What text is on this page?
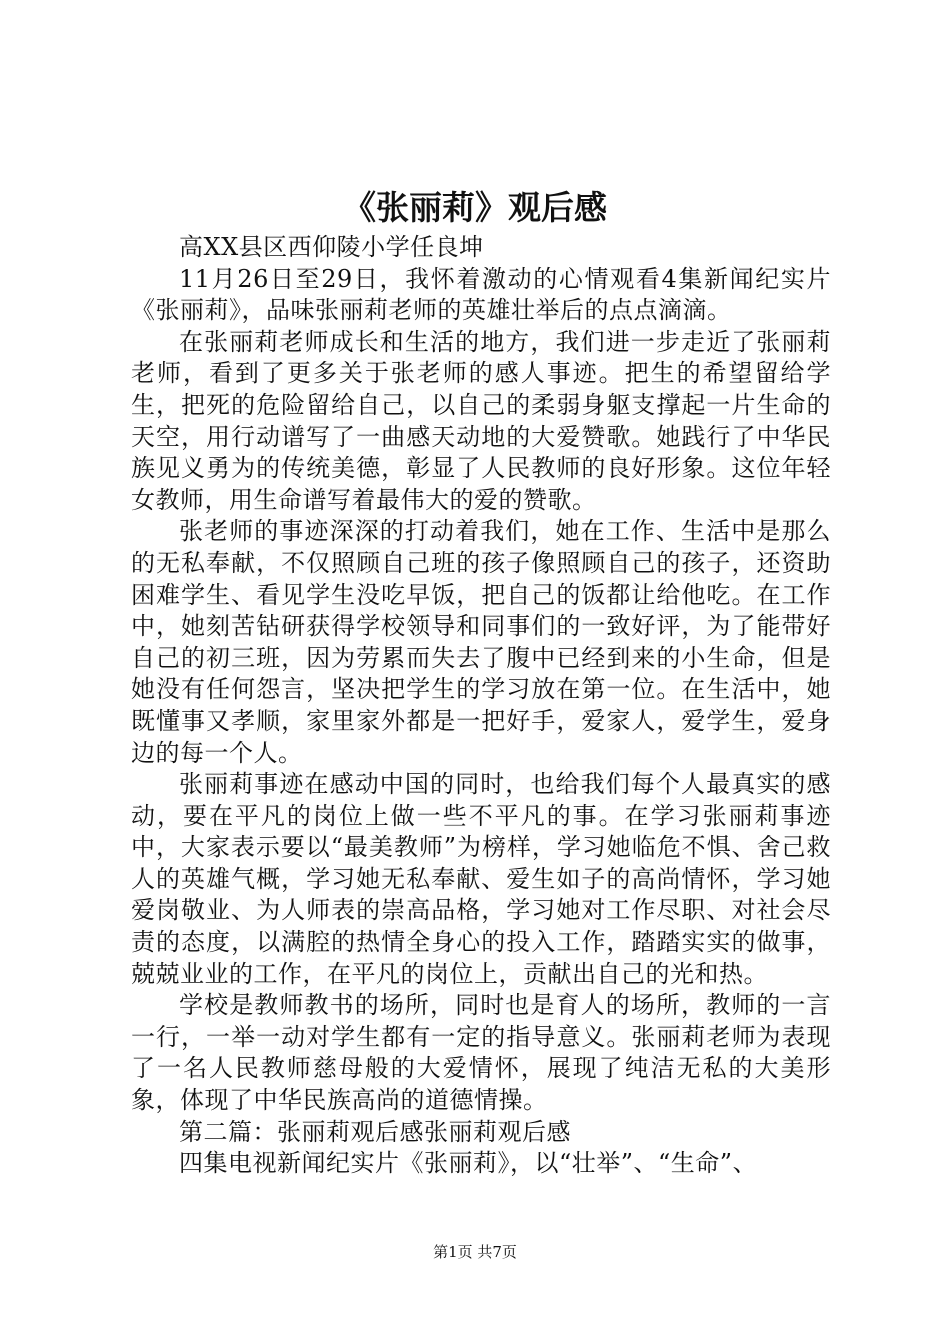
《张丽莉》观后感

高XX县区西仰陵小学任良坤

11月26日至29日，我怀着激动的心情观看4集新闻纪实片《张丽莉》，品味张丽莉老师的英雄壮举后的点点滴滴。

在张丽莉老师成长和生活的地方，我们进一步走近了张丽莉老师，看到了更多关于张老师的感人事迹。把生的希望留给学生，把死的危险留给自己，以自己的柔弱身躯支撑起一片生命的天空，用行动谱写了一曲感天动地的大爱赞歌。她践行了中华民族见义勇为的传统美德，彰显了人民教师的良好形象。这位年轻女教师，用生命谱写着最伟大的爱的赞歌。

张老师的事迹深深的打动着我们，她在工作、生活中是那么的无私奉献，不仅照顾自己班的孩子像照顾自己的孩子，还资助困难学生、看见学生没吃早饭，把自己的饭都让给他吃。在工作中，她刻苦钻研获得学校领导和同事们的一致好评，为了能带好自己的初三班，因为劳累而失去了腹中已经到来的小生命，但是她没有任何怨言，坚决把学生的学习放在第一位。在生活中，她既懂事又孝顺，家里家外都是一把好手，爱家人，爱学生，爱身边的每一个人。

张丽莉事迹在感动中国的同时，也给我们每个人最真实的感动，要在平凡的岗位上做一些不平凡的事。在学习张丽莉事迹中，大家表示要以“最美教师”为榜样，学习她临危不惧、舍己救人的英雄气概，学习她无私奉献、爱生如子的高尚情怀，学习她爱岗敬业、为人师表的崇高品格，学习她对工作尽职、对社会尽责的态度，以满腔的热情全身心的投入工作，踏踏实实的做事，兢兢业业的工作，在平凡的岗位上，贡献出自己的光和热。

学校是教师教书的场所，同时也是育人的场所，教师的一言一行，一举一动对学生都有一定的指导意义。张丽莉老师为表现了一名人民教师慈母般的大爱情怀，展现了纯洁无私的大美形象，体现了中华民族高尚的道德情操。

第二篇：张丽莉观后感张丽莉观后感

四集电视新闻纪实片《张丽莉》，以“壮举”、“生命”、

第1页 共7页
